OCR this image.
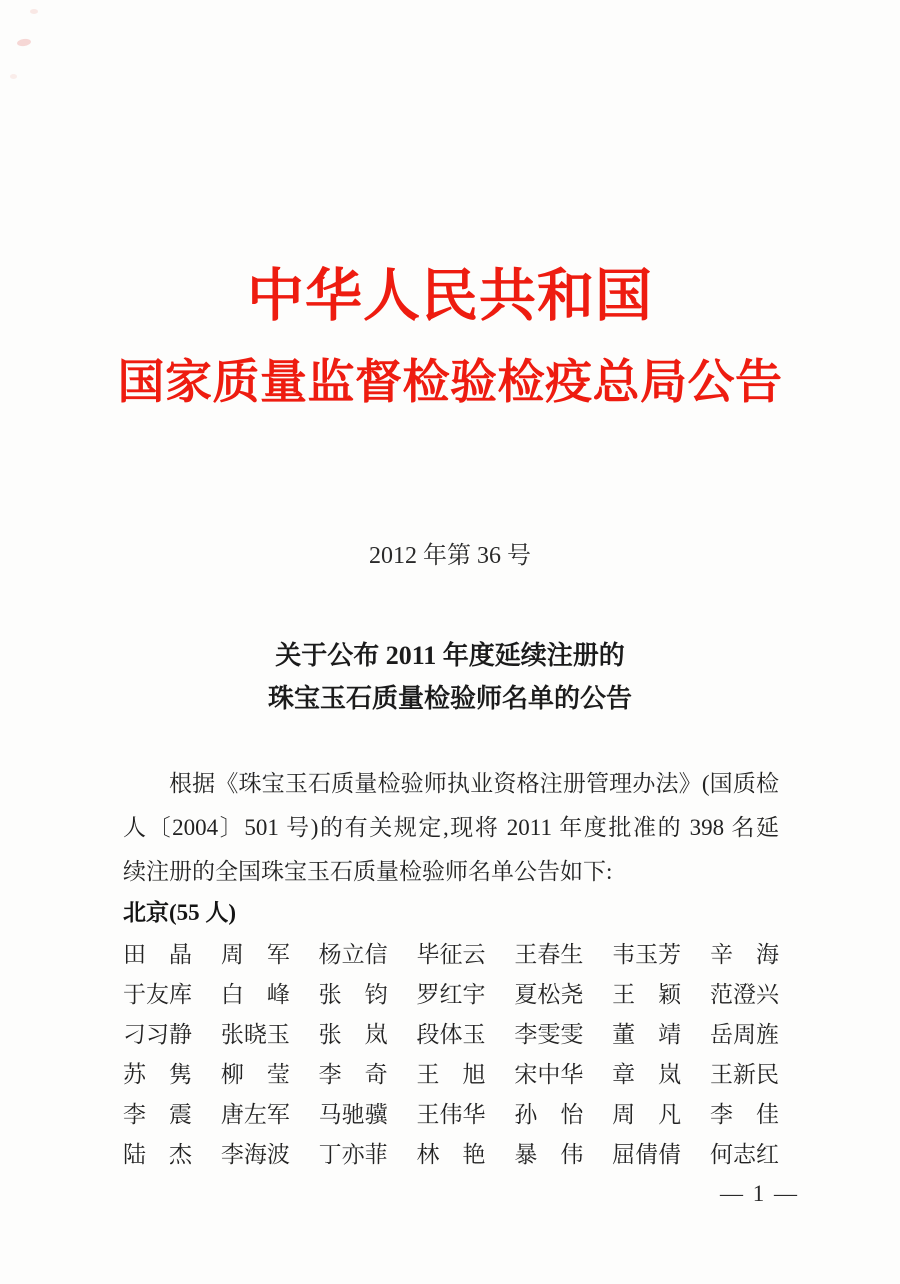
中华人民共和国
国家质量监督检验检疫总局公告
2012 年第 36 号
关于公布 2011 年度延续注册的
珠宝玉石质量检验师名单的公告
根据《珠宝玉石质量检验师执业资格注册管理办法》(国质检
人〔2004〕501 号)的有关规定,现将 2011 年度批准的 398 名延
续注册的全国珠宝玉石质量检验师名单公告如下:
北京(55 人)
田晶 周军 杨立信 毕征云 王春生 韦玉芳 辛海
于友库 白峰 张钧 罗红宇 夏松尧 王颖 范澄兴
刁习静 张晓玉 张岚 段体玉 李雯雯 董靖 岳周旌
苏隽 柳莹 李奇 王旭 宋中华 章岚 王新民
李震 唐左军 马驰骥 王伟华 孙怡 周凡 李佳
陆杰 李海波 丁亦菲 林艳 暴伟 屈倩倩 何志红
— 1 —
